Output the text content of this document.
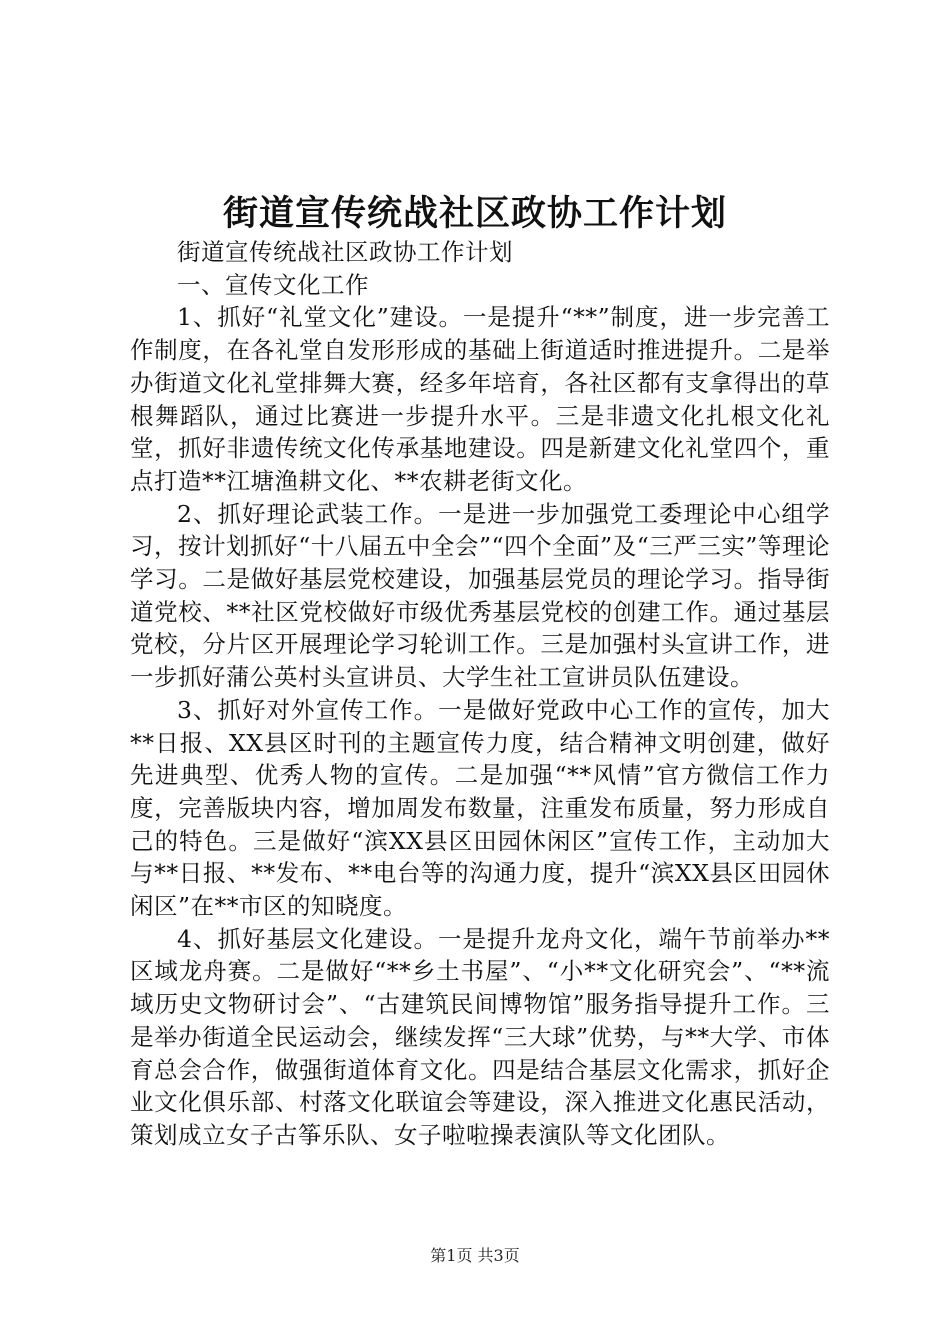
街道宣传统战社区政协工作计划

街道宣传统战社区政协工作计划

一、宣传文化工作

1、抓好“礼堂文化”建设。一是提升“**”制度，进一步完善工作制度，在各礼堂自发形形成的基础上街道适时推进提升。二是举办街道文化礼堂排舞大赛，经多年培育，各社区都有支拿得出的草根舞蹈队，通过比赛进一步提升水平。三是非遗文化扎根文化礼堂，抓好非遗传统文化传承基地建设。四是新建文化礼堂四个，重点打造**江塘渔耕文化、**农耕老街文化。

2、抓好理论武装工作。一是进一步加强党工委理论中心组学习，按计划抓好“十八届五中全会”“四个全面”及“三严三实”等理论学习。二是做好基层党校建设，加强基层党员的理论学习。指导街道党校、**社区党校做好市级优秀基层党校的创建工作。通过基层党校，分片区开展理论学习轮训工作。三是加强村头宣讲工作，进一步抓好蒲公英村头宣讲员、大学生社工宣讲员队伍建设。

3、抓好对外宣传工作。一是做好党政中心工作的宣传，加大**日报、XX县区时刊的主题宣传力度，结合精神文明创建，做好先进典型、优秀人物的宣传。二是加强“**风情”官方微信工作力度，完善版块内容，增加周发布数量，注重发布质量，努力形成自己的特色。三是做好“滨XX县区田园休闲区”宣传工作，主动加大与**日报、**发布、**电台等的沟通力度，提升“滨XX县区田园休闲区”在**市区的知晓度。

4、抓好基层文化建设。一是提升龙舟文化，端午节前举办**区域龙舟赛。二是做好“**乡土书屋”、“小**文化研究会”、“**流域历史文物研讨会”、“古建筑民间博物馆”服务指导提升工作。三是举办街道全民运动会，继续发挥“三大球”优势，与**大学、市体育总会合作，做强街道体育文化。四是结合基层文化需求，抓好企业文化俱乐部、村落文化联谊会等建设，深入推进文化惠民活动，策划成立女子古筝乐队、女子啦啦操表演队等文化团队。

第1页 共3页
